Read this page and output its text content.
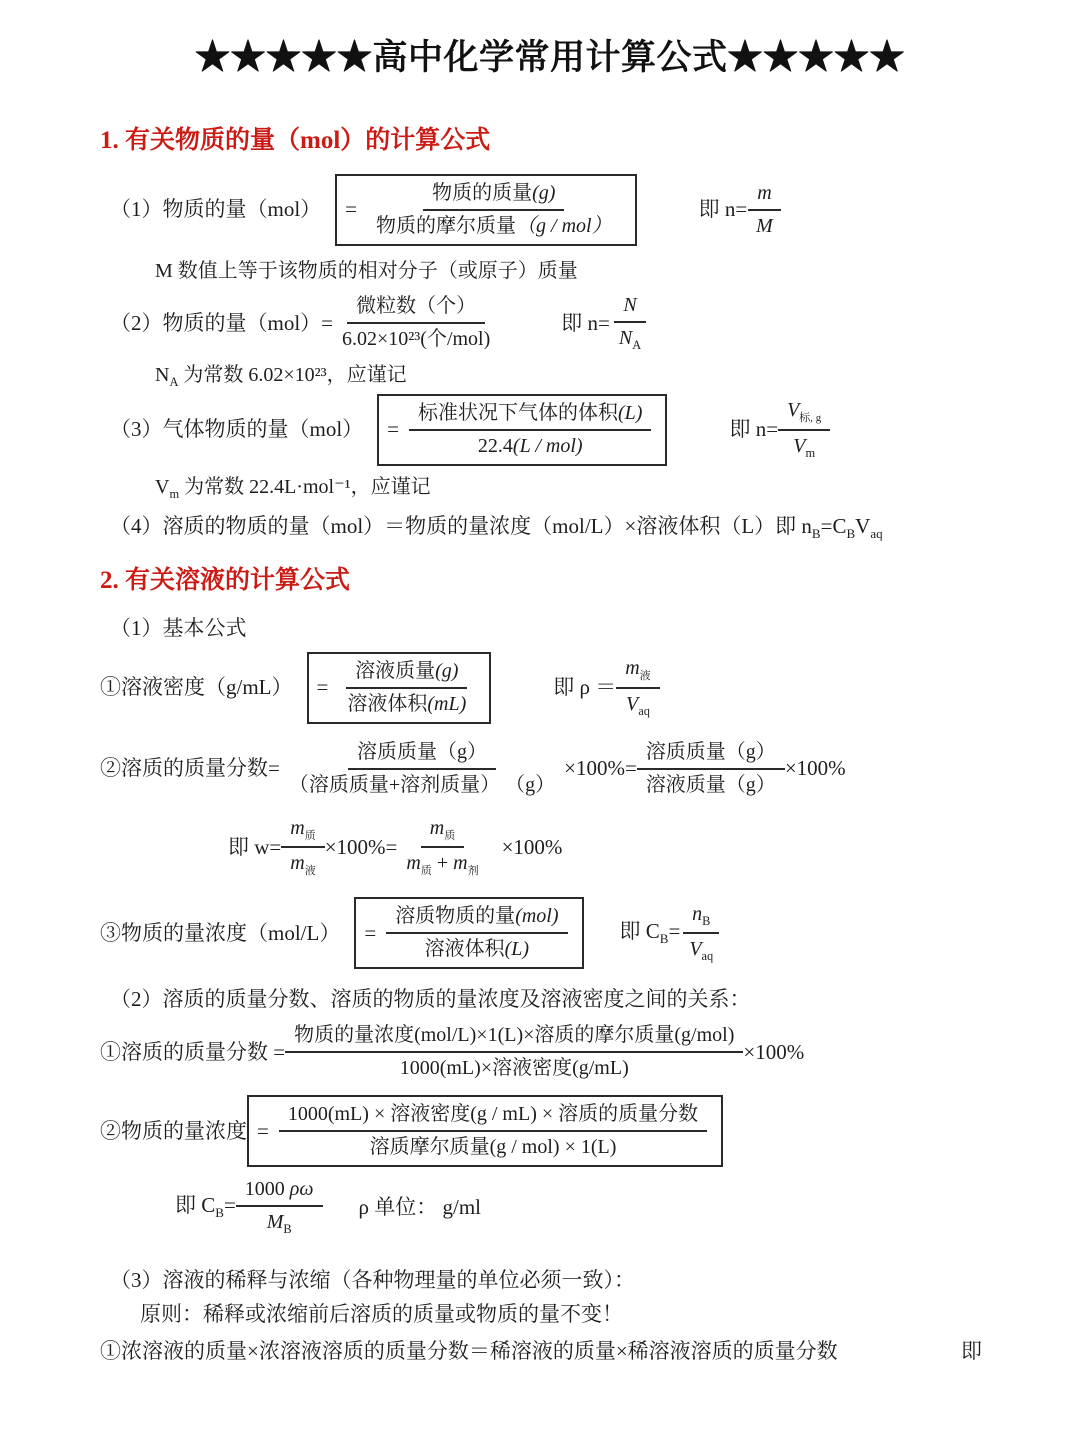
★★★★★高中化学常用计算公式★★★★★
1. 有关物质的量（mol）的计算公式
（1）物质的量$(mol) = \frac{\text{物质的质量(g)}}{\text{物质的摩尔质量（g / mol）}}$	即 $n= \frac{m}{M}$
M 数值上等于该物质的相对分子（或原子）质量
（2）物质的量$(mol)= \frac{\text{微粒数（个）}}{\text{6.02×10²³(个/mol)}}$	即 $n= \frac{N}{N_A}$
$N_A$ 为常数 6.02×10²³，应谨记
（3）气体物质的量$(mol) = \frac{\text{标准状况下气体的体积(L)}}{\text{22.4(L / mol)}}$	即 $n= \frac{V_{标, g}}{V_m}$
$V_m$ 为常数 22.4L·mol⁻¹，应谨记
（4）溶质的物质的量（mol）＝物质的量浓度（mol/L）×溶液体积（L）即 $n_B=C_BV_{aq}$
2. 有关溶液的计算公式
（1）基本公式
①溶液密度$(g/mL) = \frac{\text{溶液质量(g)}}{\text{溶液体积(mL)}}$	即 $\rho = \frac{m_液}{V_{aq}}$
②溶质的质量分数= $\frac{\text{溶质质量（g）}}{\text{（溶质质量+溶剂质量） （g）}} \times 100\%= \frac{\text{溶质质量（g）}}{\text{溶液质量（g）}} \times 100\%$
即 $w= \frac{m_质}{m_液} \times 100\%= \frac{m_质}{m_质 + m_剂} \times 100\%$
③物质的量浓度$(mol/L) = \frac{\text{溶质物质的量(mol)}}{\text{溶液体积(L)}}$ 即 $C_B= \frac{n_B}{V_{aq}}$
（2）溶质的质量分数、溶质的物质的量浓度及溶液密度之间的关系：
①溶质的质量分数 = $\frac{\text{物质的量浓度(mol/L)×1(L)×溶质的摩尔质量(g/mol)}}{\text{1000(mL)×溶液密度(g/mL)}} \times 100\%$
②物质的量浓度 = $\frac{\text{1000(mL) × 溶液密度(g / mL) × 溶质的质量分数}}{\text{溶质摩尔质量(g / mol) × 1(L)}}$
即 $C_B= \frac{1000 \rho\omega}{M_B}$ ρ 单位： g/ml
（3）溶液的稀释与浓缩（各种物理量的单位必须一致）：
原则：稀释或浓缩前后溶质的质量或物质的量不变！
①浓溶液的质量×浓溶液溶质的质量分数＝稀溶液的质量×稀溶液溶质的质量分数	即
